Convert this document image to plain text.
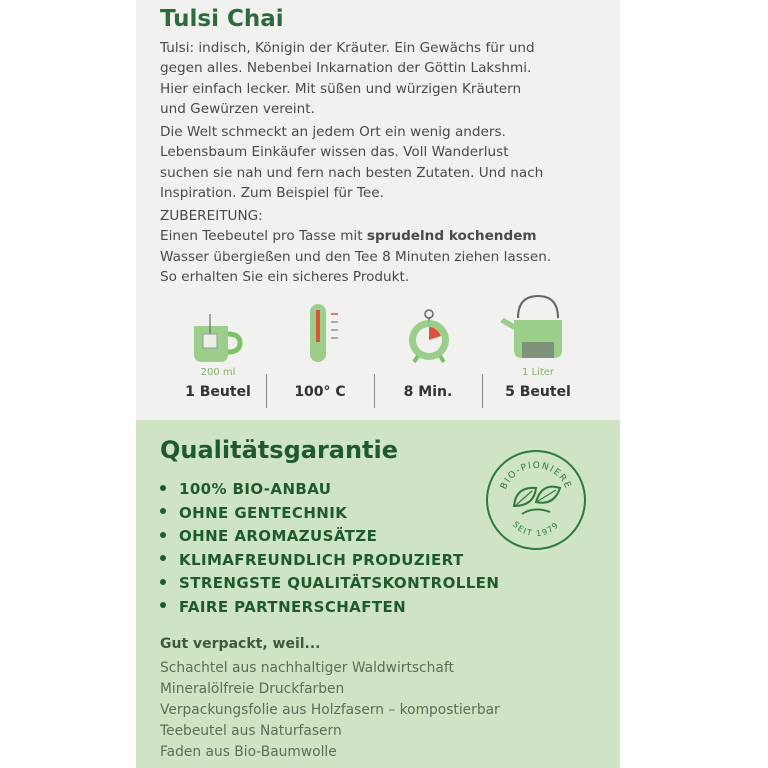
Tulsi Chai
Tulsi: indisch, Königin der Kräuter. Ein Gewächs für und
gegen alles. Nebenbei Inkarnation der Göttin Lakshmi.
Hier einfach lecker. Mit süßen und würzigen Kräutern
und Gewürzen vereint.
Die Welt schmeckt an jedem Ort ein wenig anders.
Lebensbaum Einkäufer wissen das. Voll Wanderlust
suchen sie nah und fern nach besten Zutaten. Und nach
Inspiration. Zum Beispiel für Tee.
ZUBEREITUNG:
Einen Teebeutel pro Tasse mit sprudelnd kochendem
Wasser übergießen und den Tee 8 Minuten ziehen lassen.
So erhalten Sie ein sicheres Produkt.
200 ml
1 Beutel	100° C	8 Min.
1 Liter
5 Beutel
Qualitätsgarantie
100% BIO-ANBAU
OHNE GENTECHNIK
OHNE AROMAZUSÄTZE
KLIMAFREUNDLICH PRODUZIERT
STRENGSTE QUALITÄTSKONTROLLEN
FAIRE PARTNERSCHAFTEN
BIO-PIONIERE
SEIT 1979
Gut verpackt, weil...
Schachtel aus nachhaltiger Waldwirtschaft
Mineralölfreie Druckfarben
Verpackungsfolie aus Holzfasern – kompostierbar
Teebeutel aus Naturfasern
Faden aus Bio-Baumwolle
